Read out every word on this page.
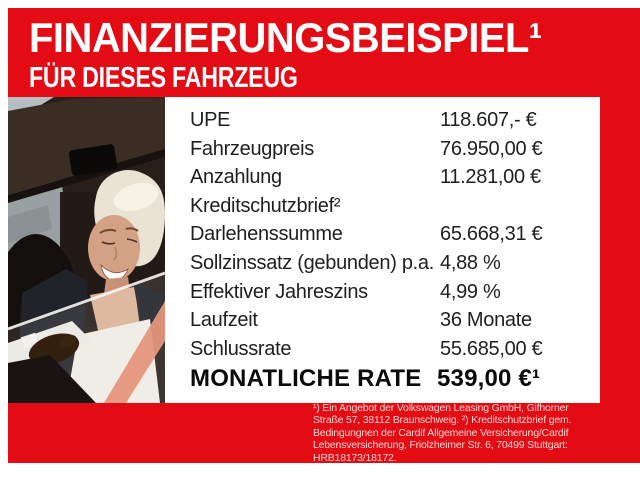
FINANZIERUNGSBEISPIEL¹
FÜR DIESES FAHRZEUG
UPE	118.607,- €
Fahrzeugpreis	76.950,00 €
Anzahlung	11.281,00 €
Kreditschutzbrief²
Darlehenssumme	65.668,31 €
Sollzinssatz (gebunden) p.a. 4,88 %
Effektiver Jahreszins	4,99 %
Laufzeit	36 Monate
Schlussrate	55.685,00 €
MONATLICHE RATE 539,00 €¹
¹) Ein Angebot der Volkswagen Leasing GmbH, Gifhorner
Straße 57, 38112 Braunschweig. ²) Kreditschutzbrief gem.
Bedingungnen der Cardif Allgemeine Versicherung/Cardif
Lebensversicherung, Friolzheimer Str. 6, 70499 Stuttgart:
HRB18173/18172.
